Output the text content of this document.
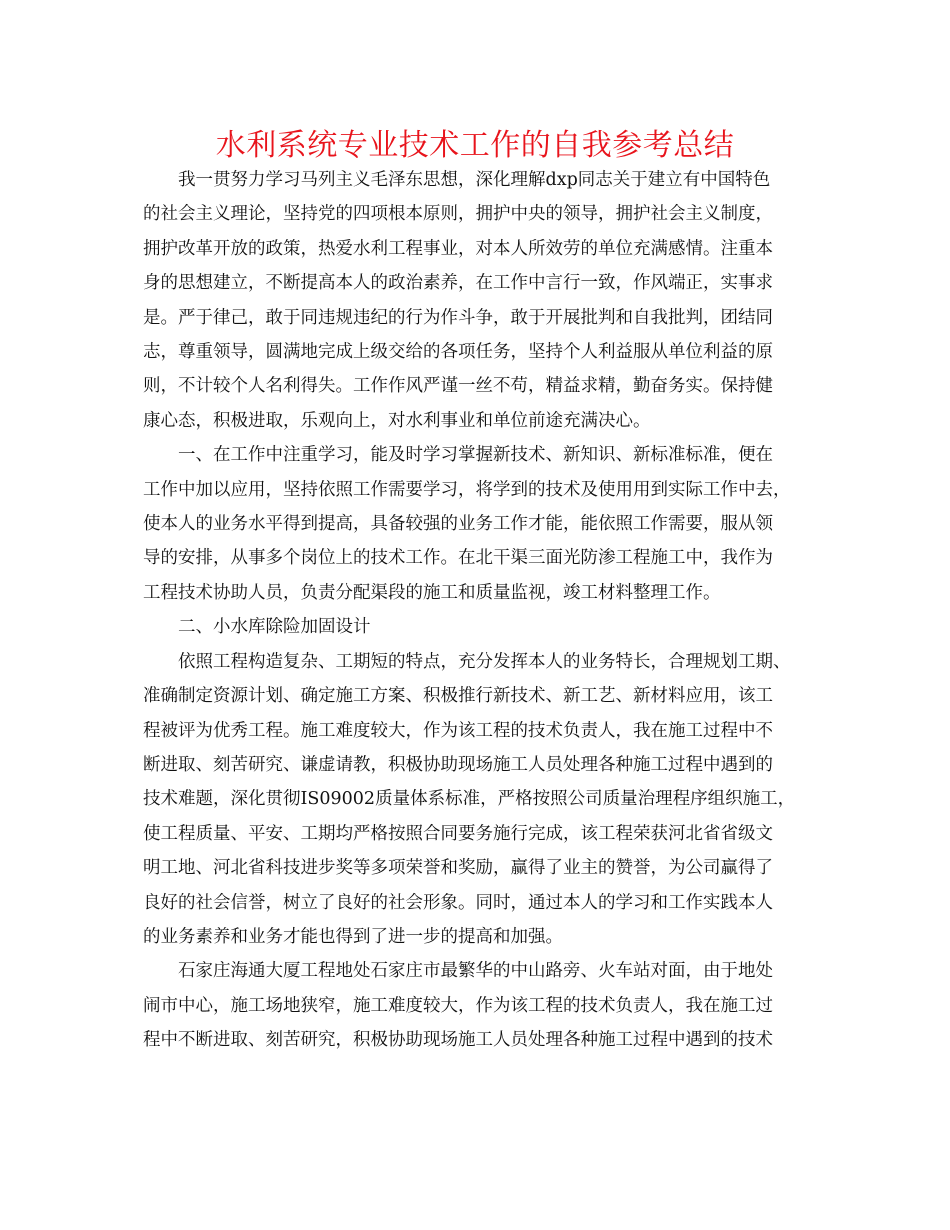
水利系统专业技术工作的自我参考总结

我一贯努力学习马列主义毛泽东思想，深化理解dxp同志关于建立有中国特色
的社会主义理论，坚持党的四项根本原则，拥护中央的领导，拥护社会主义制度，
拥护改革开放的政策，热爱水利工程事业，对本人所效劳的单位充满感情。注重本
身的思想建立，不断提高本人的政治素养，在工作中言行一致，作风端正，实事求
是。严于律己，敢于同违规违纪的行为作斗争，敢于开展批判和自我批判，团结同
志，尊重领导，圆满地完成上级交给的各项任务，坚持个人利益服从单位利益的原
则，不计较个人名利得失。工作作风严谨一丝不苟，精益求精，勤奋务实。保持健
康心态，积极进取，乐观向上，对水利事业和单位前途充满决心。

一、在工作中注重学习，能及时学习掌握新技术、新知识、新标准标准，便在
工作中加以应用，坚持依照工作需要学习，将学到的技术及使用用到实际工作中去，
使本人的业务水平得到提高，具备较强的业务工作才能，能依照工作需要，服从领
导的安排，从事多个岗位上的技术工作。在北干渠三面光防渗工程施工中，我作为
工程技术协助人员，负责分配渠段的施工和质量监视，竣工材料整理工作。

二、小水库除险加固设计

依照工程构造复杂、工期短的特点，充分发挥本人的业务特长，合理规划工期、
准确制定资源计划、确定施工方案、积极推行新技术、新工艺、新材料应用，该工
程被评为优秀工程。施工难度较大，作为该工程的技术负责人，我在施工过程中不
断进取、刻苦研究、谦虚请教，积极协助现场施工人员处理各种施工过程中遇到的
技术难题，深化贯彻IS09002质量体系标准，严格按照公司质量治理程序组织施工，
使工程质量、平安、工期均严格按照合同要务施行完成，该工程荣获河北省省级文
明工地、河北省科技进步奖等多项荣誉和奖励，赢得了业主的赞誉，为公司赢得了
良好的社会信誉，树立了良好的社会形象。同时，通过本人的学习和工作实践本人
的业务素养和业务才能也得到了进一步的提高和加强。

石家庄海通大厦工程地处石家庄市最繁华的中山路旁、火车站对面，由于地处
闹市中心，施工场地狭窄，施工难度较大，作为该工程的技术负责人，我在施工过
程中不断进取、刻苦研究，积极协助现场施工人员处理各种施工过程中遇到的技术
